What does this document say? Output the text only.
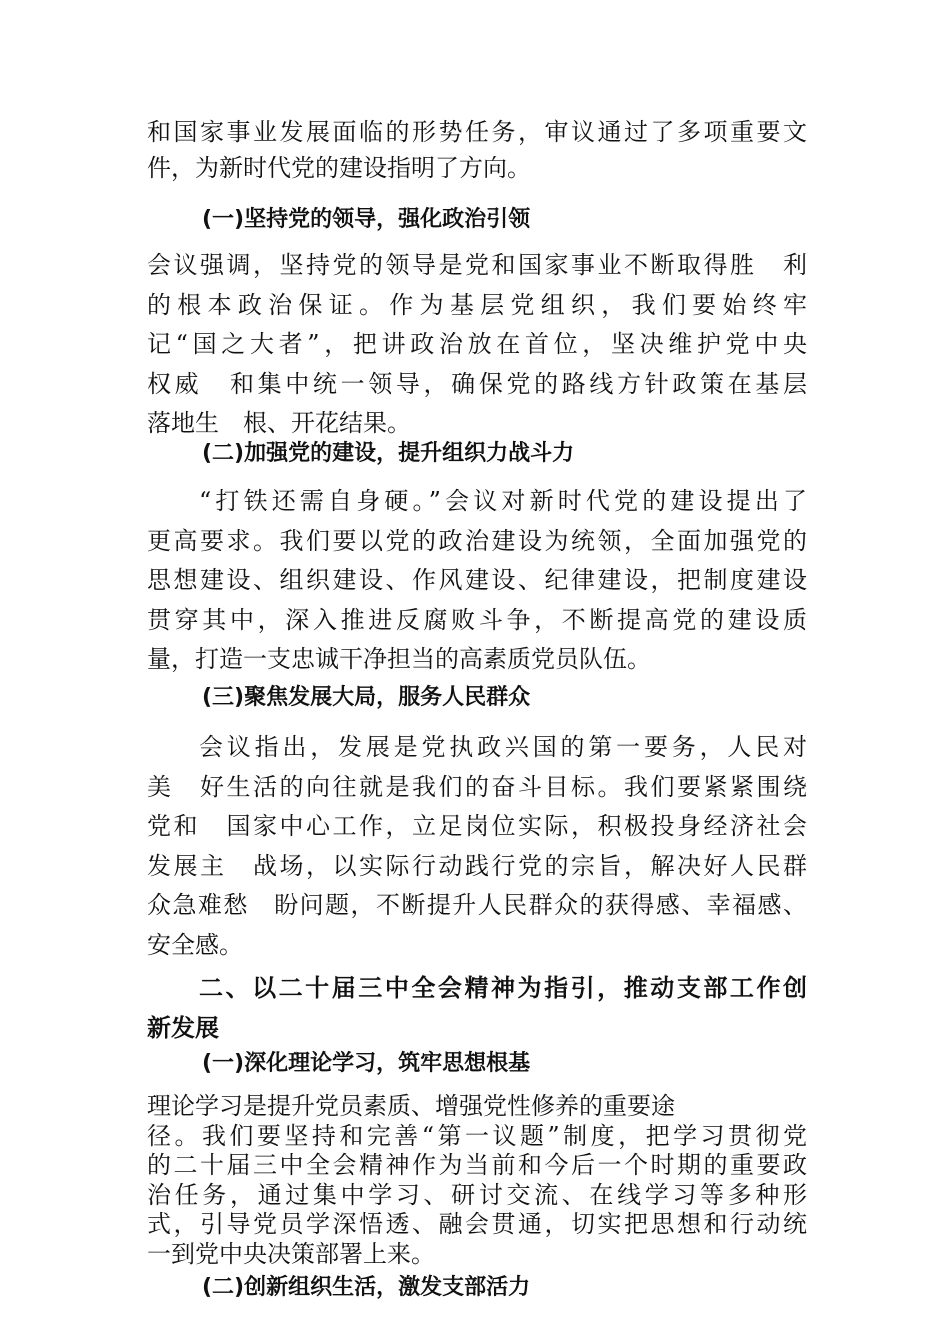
和国家事业发展面临的形势任务，审议通过了多项重要文
件，为新时代党的建设指明了方向。
(一)坚持党的领导，强化政治引领
会议强调，坚持党的领导是党和国家事业不断取得胜　利
的根本政治保证。作为基层党组织，我们要始终牢
记“国之大者”，把讲政治放在首位，坚决维护党中央
权威　和集中统一领导，确保党的路线方针政策在基层
落地生　根、开花结果。
(二)加强党的建设，提升组织力战斗力
“打铁还需自身硬。”会议对新时代党的建设提出了
更高要求。我们要以党的政治建设为统领，全面加强党的
思想建设、组织建设、作风建设、纪律建设，把制度建设
贯穿其中，深入推进反腐败斗争，不断提高党的建设质
量，打造一支忠诚干净担当的高素质党员队伍。
(三)聚焦发展大局，服务人民群众
会议指出，发展是党执政兴国的第一要务，人民对
美　好生活的向往就是我们的奋斗目标。我们要紧紧围绕
党和　国家中心工作，立足岗位实际，积极投身经济社会
发展主　战场，以实际行动践行党的宗旨，解决好人民群
众急难愁　盼问题，不断提升人民群众的获得感、幸福感、
安全感。
二、以二十届三中全会精神为指引，推动支部工作创
新发展
(一)深化理论学习，筑牢思想根基
理论学习是提升党员素质、增强党性修养的重要途
径。我们要坚持和完善“第一议题”制度，把学习贯彻党
的二十届三中全会精神作为当前和今后一个时期的重要政
治任务，通过集中学习、研讨交流、在线学习等多种形
式，引导党员学深悟透、融会贯通，切实把思想和行动统
一到党中央决策部署上来。
(二)创新组织生活，激发支部活力
